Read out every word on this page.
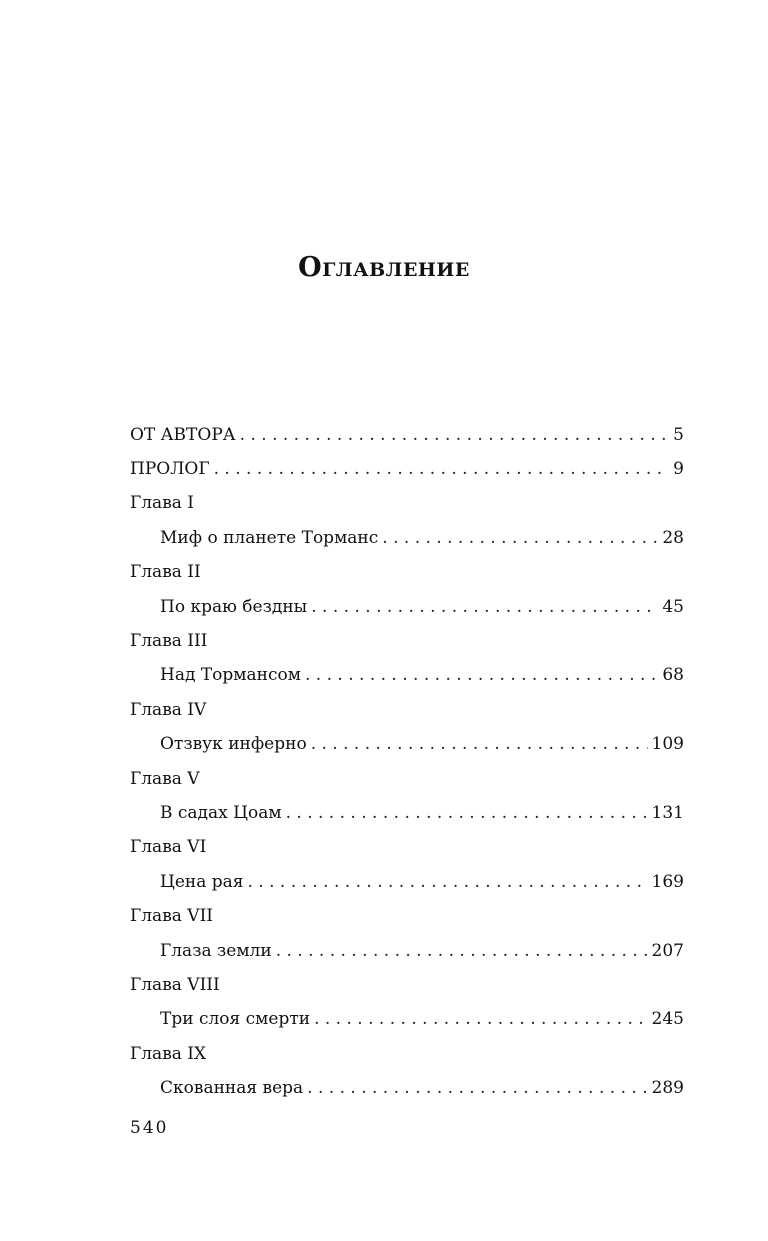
Оглавление
ОТ АВТОРА . . .	5
ПРОЛОГ . . .	9
Глава I
Миф о планете Торманс . . .	28
Глава II
По краю бездны . . .	45
Глава III
Над Тормансом . . .	68
Глава IV
Отзвук инферно . . .	109
Глава V
В садах Цоам . . .	131
Глава VI
Цена рая . . .	169
Глава VII
Глаза земли . . .	207
Глава VIII
Три слоя смерти . . .	245
Глава IX
Скованная вера . . .	289
540
